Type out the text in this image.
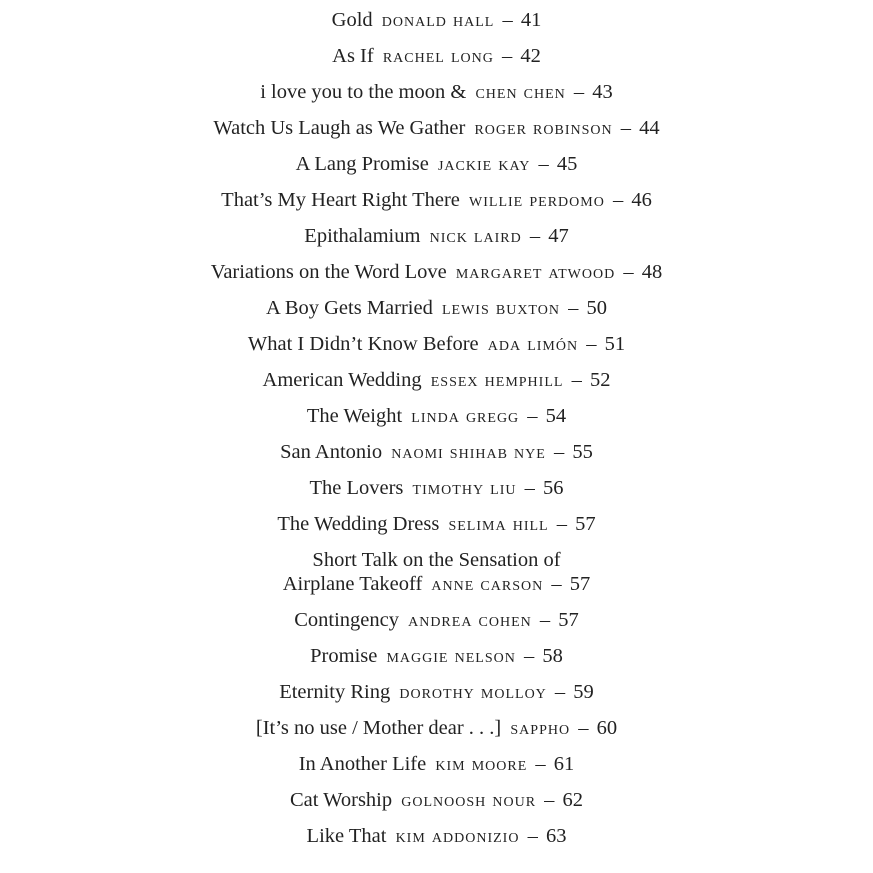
Gold donald hall – 41
As If rachel long – 42
i love you to the moon & chen chen – 43
Watch Us Laugh as We Gather roger robinson – 44
A Lang Promise jackie kay – 45
That’s My Heart Right There willie perdomo – 46
Epithalamium nick laird – 47
Variations on the Word Love margaret atwood – 48
A Boy Gets Married lewis buxton – 50
What I Didn’t Know Before ada limón – 51
American Wedding essex hemphill – 52
The Weight linda gregg – 54
San Antonio naomi shihab nye – 55
The Lovers timothy liu – 56
The Wedding Dress selima hill – 57
Short Talk on the Sensation of
Airplane Takeoff anne carson – 57
Contingency andrea cohen – 57
Promise maggie nelson – 58
Eternity Ring dorothy molloy – 59
[It’s no use / Mother dear . . .] sappho – 60
In Another Life kim moore – 61
Cat Worship golnoosh nour – 62
Like That kim addonizio – 63
